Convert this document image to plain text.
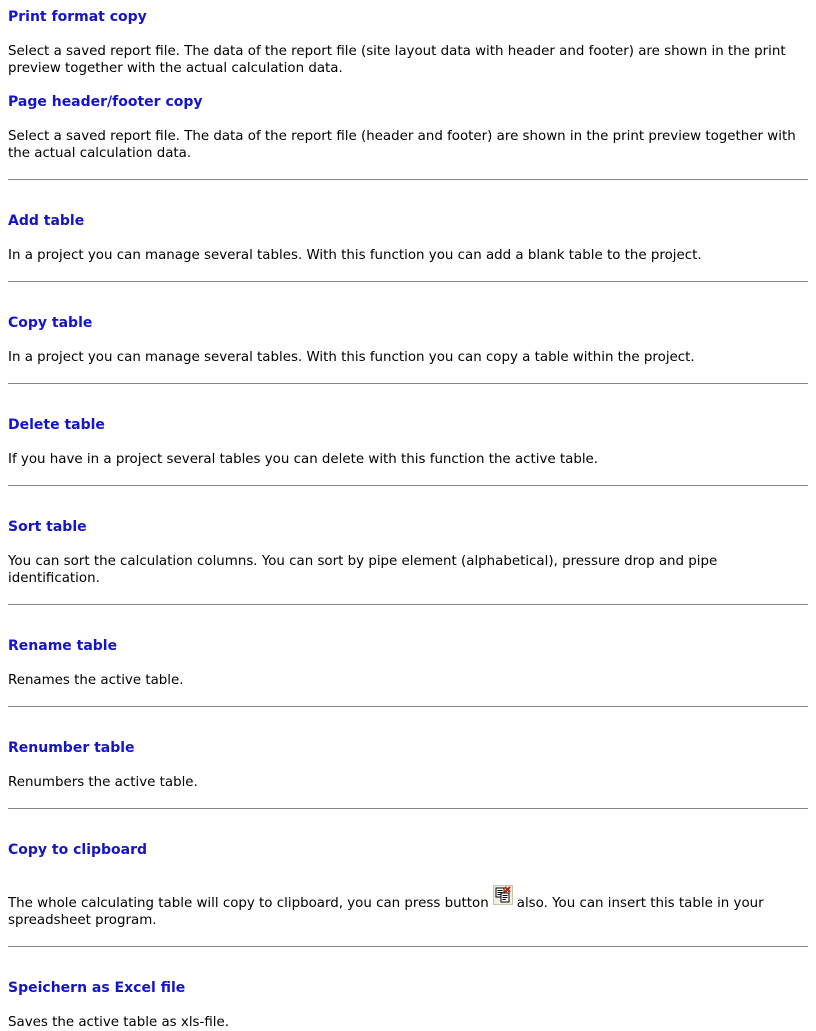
Print format copy

Select a saved report file. The data of the report file (site layout data with header and footer) are shown in the print preview together with the actual calculation data.

Page header/footer copy

Select a saved report file. The data of the report file (header and footer) are shown in the print preview together with the actual calculation data.

Add table

In a project you can manage several tables. With this function you can add a blank table to the project.

Copy table

In a project you can manage several tables. With this function you can copy a table within the project.

Delete table

If you have in a project several tables you can delete with this function the active table.

Sort table

You can sort the calculation columns. You can sort by pipe element (alphabetical), pressure drop and pipe identification.

Rename table

Renames the active table.

Renumber table

Renumbers the active table.

Copy to clipboard

The whole calculating table will copy to clipboard, you can press button also. You can insert this table in your spreadsheet program.

Speichern as Excel file

Saves the active table as xls-file.
